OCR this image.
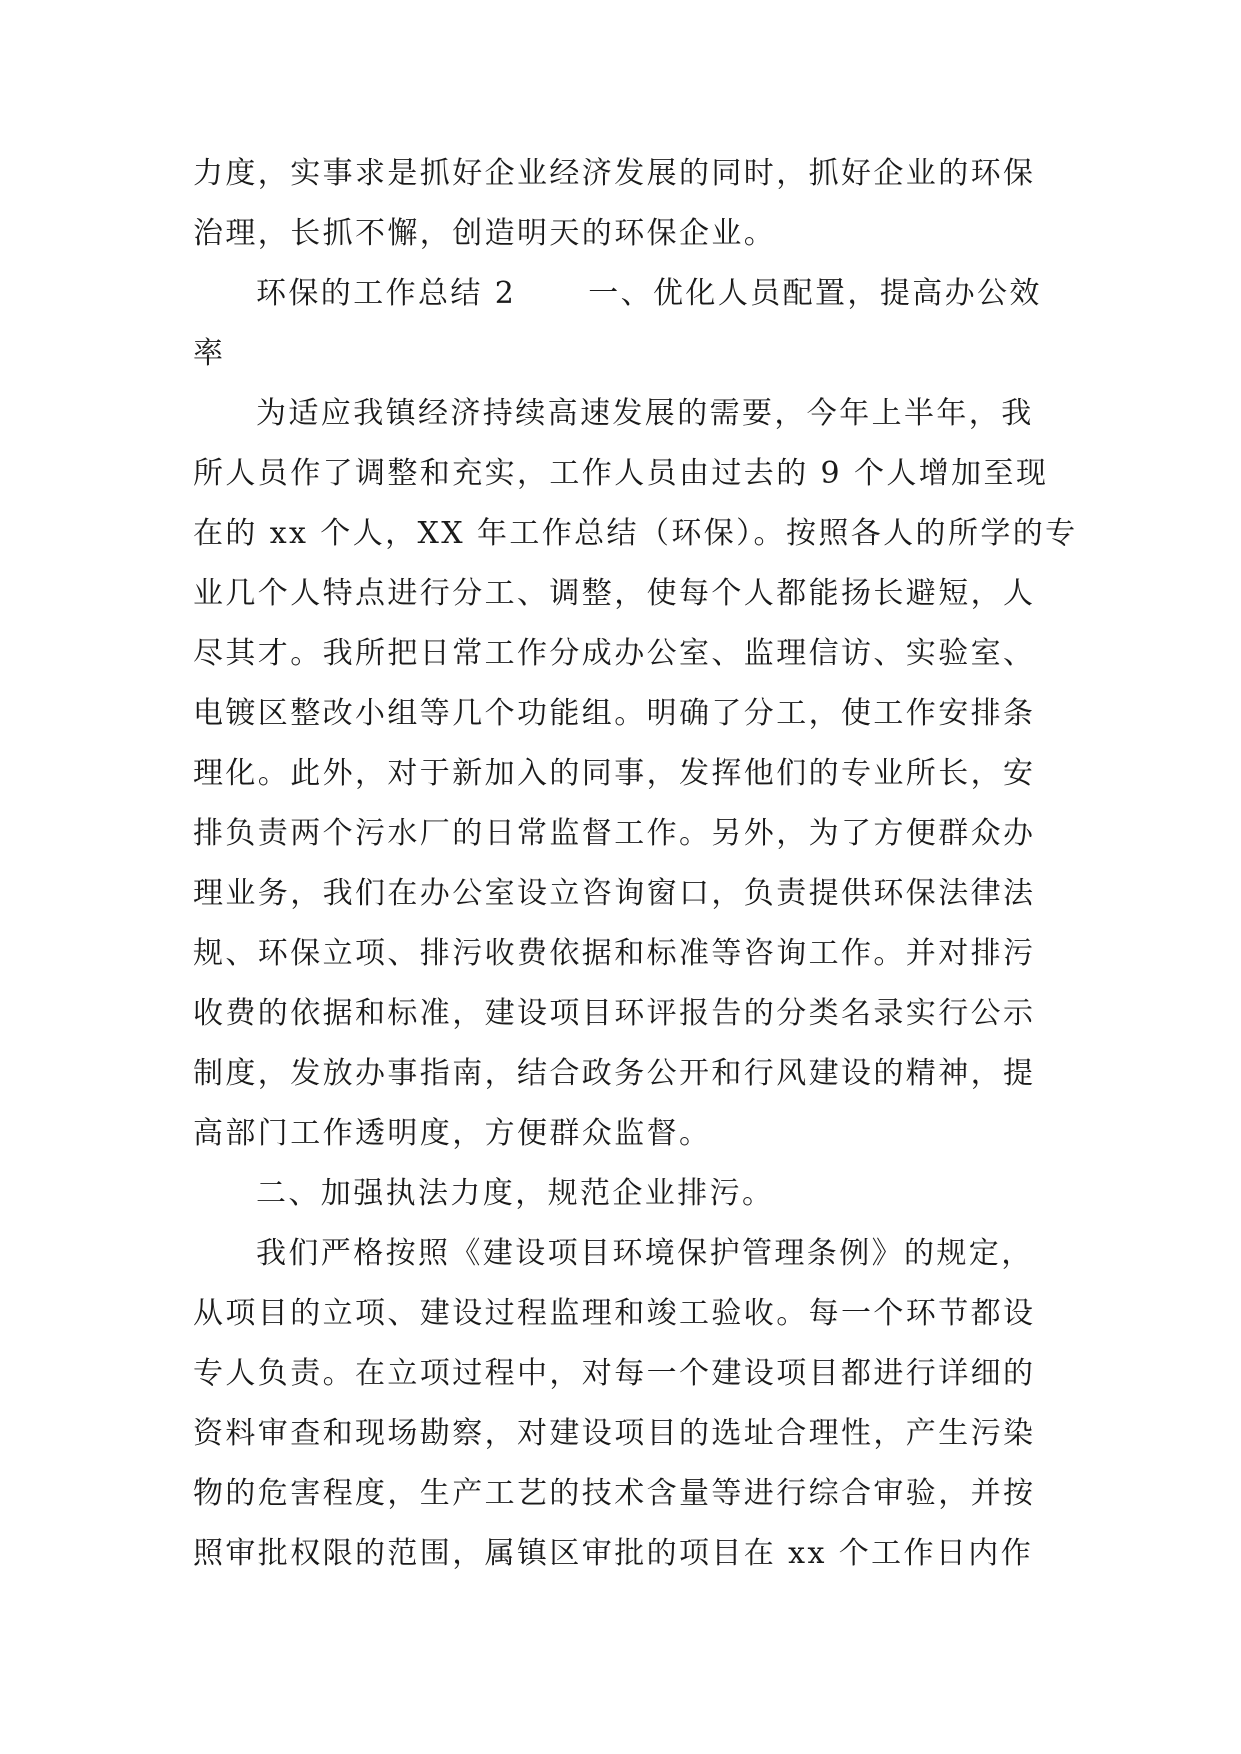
力度，实事求是抓好企业经济发展的同时，抓好企业的环保
治理，长抓不懈，创造明天的环保企业。
环保的工作总结 2 一、优化人员配置，提高办公效
率
为适应我镇经济持续高速发展的需要，今年上半年，我
所人员作了调整和充实，工作人员由过去的 9 个人增加至现
在的 xx 个人，XX 年工作总结（环保）。按照各人的所学的专
业几个人特点进行分工、调整，使每个人都能扬长避短，人
尽其才。我所把日常工作分成办公室、监理信访、实验室、
电镀区整改小组等几个功能组。明确了分工，使工作安排条
理化。此外，对于新加入的同事，发挥他们的专业所长，安
排负责两个污水厂的日常监督工作。另外，为了方便群众办
理业务，我们在办公室设立咨询窗口，负责提供环保法律法
规、环保立项、排污收费依据和标准等咨询工作。并对排污
收费的依据和标准，建设项目环评报告的分类名录实行公示
制度，发放办事指南，结合政务公开和行风建设的精神，提
高部门工作透明度，方便群众监督。
二、加强执法力度，规范企业排污。
我们严格按照《建设项目环境保护管理条例》的规定，
从项目的立项、建设过程监理和竣工验收。每一个环节都设
专人负责。在立项过程中，对每一个建设项目都进行详细的
资料审查和现场勘察，对建设项目的选址合理性，产生污染
物的危害程度，生产工艺的技术含量等进行综合审验，并按
照审批权限的范围，属镇区审批的项目在 xx 个工作日内作
